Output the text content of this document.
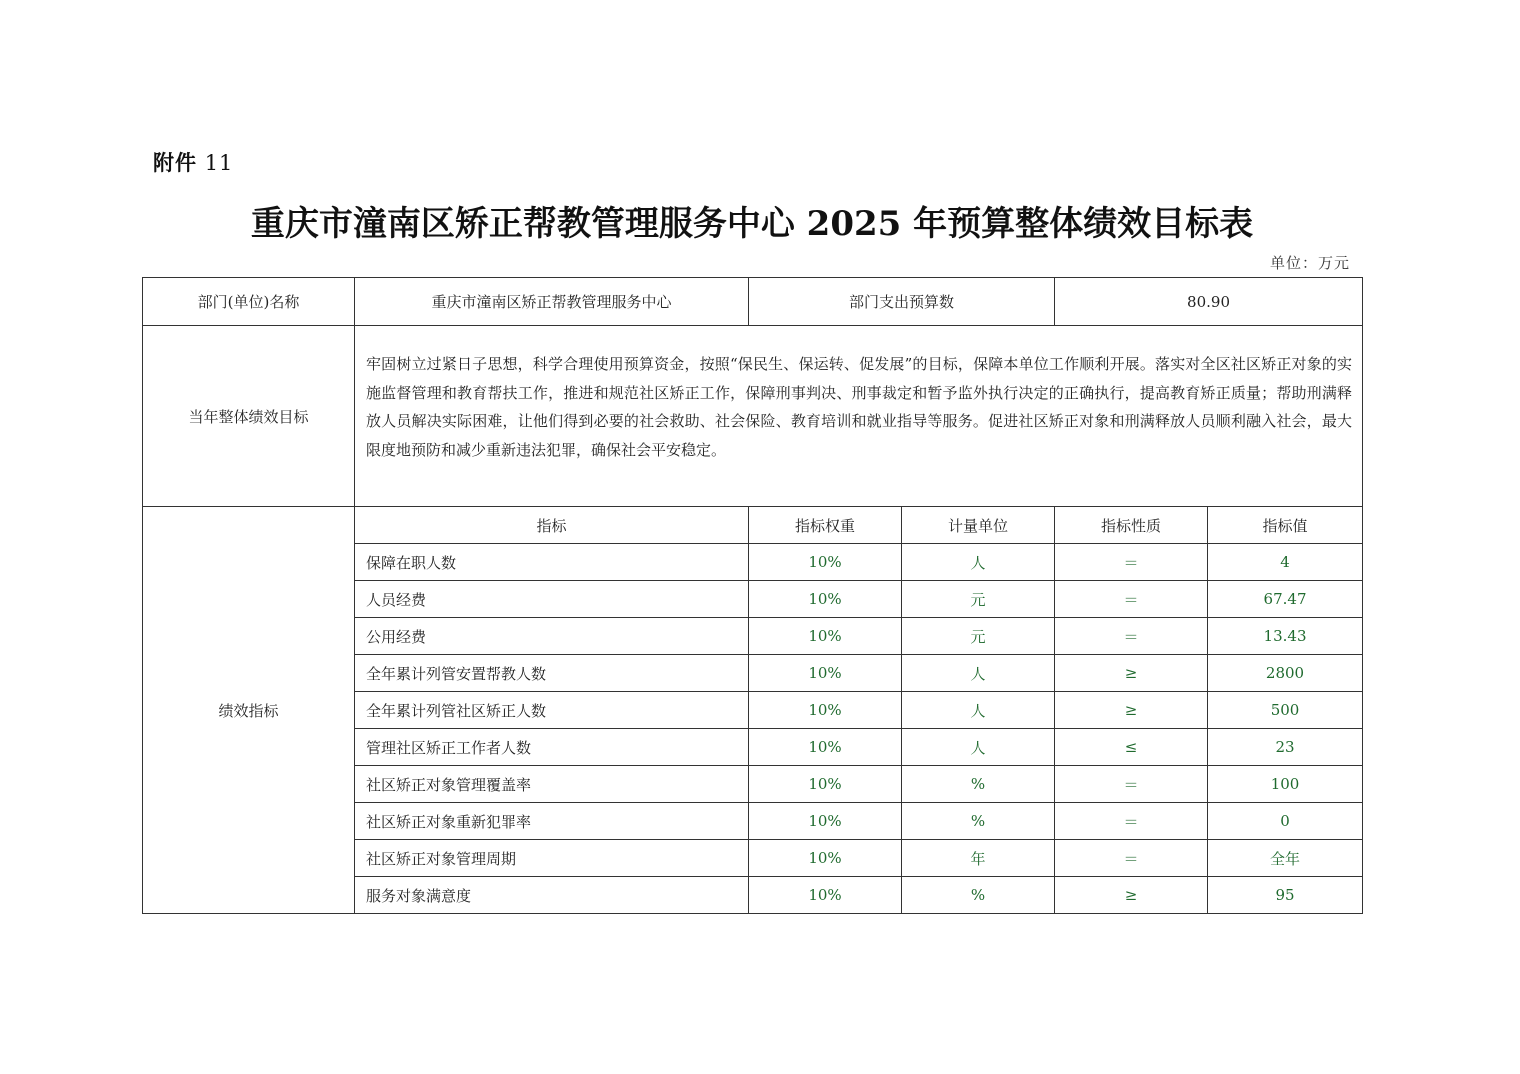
附件 11
重庆市潼南区矫正帮教管理服务中心 2025 年预算整体绩效目标表
单位：万元
部门(单位)名称	重庆市潼南区矫正帮教管理服务中心	部门支出预算数		80.90	
当年整体绩效目标	牢固树立过紧日子思想，科学合理使用预算资金，按照“保民生、保运转、促发展”的目标，保障本单位工作顺利开展。落实对全区社区矫正对象的实施监督管理和教育帮扶工作，推进和规范社区矫正工作，保障刑事判决、刑事裁定和暂予监外执行决定的正确执行，提高教育矫正质量；帮助刑满释放人员解决实际困难，让他们得到必要的社会救助、社会保险、教育培训和就业指导等服务。促进社区矫正对象和刑满释放人员顺利融入社会，最大限度地预防和减少重新违法犯罪，确保社会平安稳定。				
绩效指标	指标	指标权重	计量单位	指标性质	指标值
	保障在职人数	10%	人	＝	4
	人员经费	10%	元	＝	67.47
	公用经费	10%	元	＝	13.43
	全年累计列管安置帮教人数	10%	人	≥	2800
	全年累计列管社区矫正人数	10%	人	≥	500
	管理社区矫正工作者人数	10%	人	≤	23
	社区矫正对象管理覆盖率	10%	%	＝	100
	社区矫正对象重新犯罪率	10%	%	＝	0
	社区矫正对象管理周期	10%	年	＝	全年
	服务对象满意度	10%	%	≥	95
